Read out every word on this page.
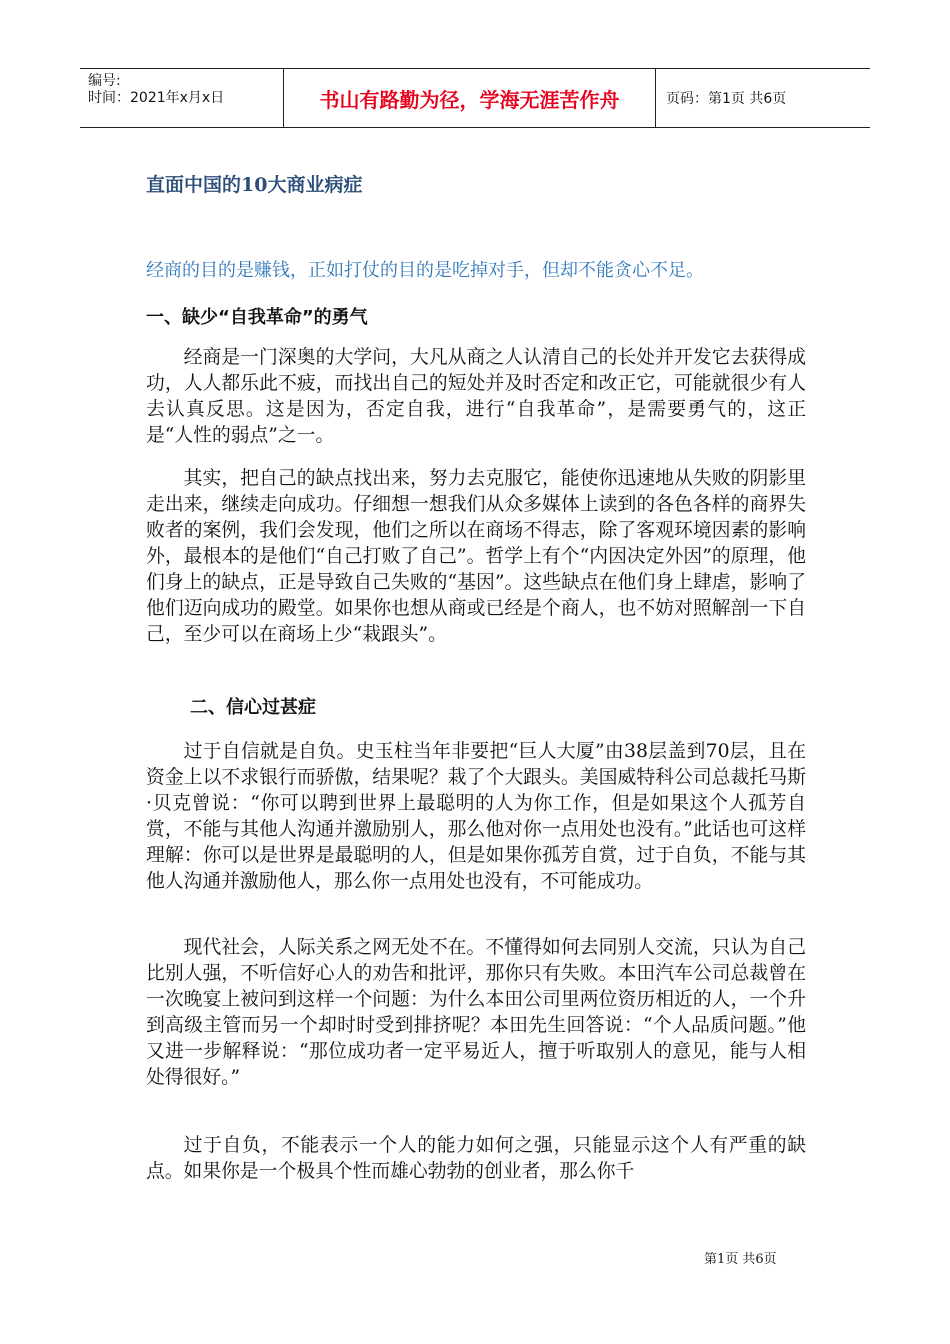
编号:
时间：2021年x月x日	书山有路勤为径，学海无涯苦作舟	页码：第1页 共6页
直面中国的10大商业病症
经商的目的是赚钱，正如打仗的目的是吃掉对手，但却不能贪心不足。
一、缺少“自我革命”的勇气

经商是一门深奥的大学问，大凡从商之人认清自己的长处并开发它去获得成功，人人都乐此不疲，而找出自己的短处并及时否定和改正它，可能就很少有人去认真反思。这是因为，否定自我，进行“自我革命”，是需要勇气的，这正是“人性的弱点”之一。

其实，把自己的缺点找出来，努力去克服它，能使你迅速地从失败的阴影里走出来，继续走向成功。仔细想一想我们从众多媒体上读到的各色各样的商界失败者的案例，我们会发现，他们之所以在商场不得志，除了客观环境因素的影响外，最根本的是他们“自己打败了自己”。哲学上有个“内因决定外因”的原理，他们身上的缺点，正是导致自己失败的“基因”。这些缺点在他们身上肆虐，影响了他们迈向成功的殿堂。如果你也想从商或已经是个商人，也不妨对照解剖一下自己，至少可以在商场上少“栽跟头”。

二、信心过甚症

过于自信就是自负。史玉柱当年非要把“巨人大厦”由38层盖到70层，且在资金上以不求银行而骄傲，结果呢？栽了个大跟头。美国威特科公司总裁托马斯·贝克曾说：“你可以聘到世界上最聪明的人为你工作，但是如果这个人孤芳自赏，不能与其他人沟通并激励别人，那么他对你一点用处也没有。”此话也可这样理解：你可以是世界是最聪明的人，但是如果你孤芳自赏，过于自负，不能与其他人沟通并激励他人，那么你一点用处也没有，不可能成功。

现代社会，人际关系之网无处不在。不懂得如何去同别人交流，只认为自己比别人强，不听信好心人的劝告和批评，那你只有失败。本田汽车公司总裁曾在一次晚宴上被问到这样一个问题：为什么本田公司里两位资历相近的人，一个升到高级主管而另一个却时时受到排挤呢？本田先生回答说：“个人品质问题。”他又进一步解释说：“那位成功者一定平易近人，擅于听取别人的意见，能与人相处得很好。”

过于自负，不能表示一个人的能力如何之强，只能显示这个人有严重的缺点。如果你是一个极具个性而雄心勃勃的创业者，那么你千

第1页 共6页
